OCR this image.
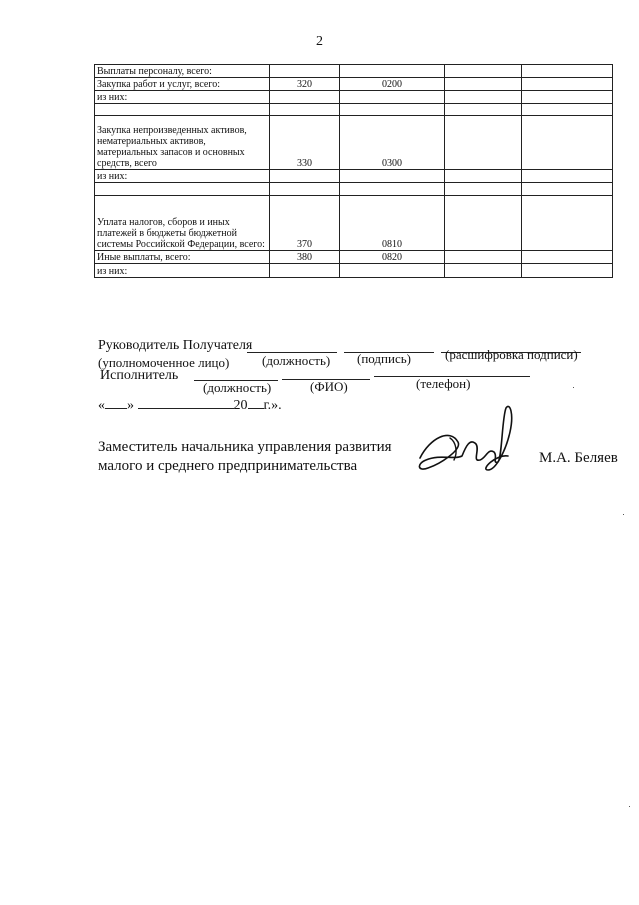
2
Выплаты персоналу, всего:				
Закупка работ и услуг, всего:	320	0200		
из них:				

Закупка непроизведенных активов, нематериальных активов, материальных запасов и основных средств, всего	330	0300		
из них:				

Уплата налогов, сборов и иных платежей в бюджеты бюджетной системы Российской Федерации, всего:	370	0810		
Иные выплаты, всего:	380	0820		
из них:				
Руководитель Получателя
(уполномоченное лицо)	(должность) (подпись)	(расшифровка подписи)
Исполнитель
(должность)	(ФИО)	(телефон)
« »	20 г.».
Заместитель начальника управления развития
малого и среднего предпринимательства	М.А. Беляев
